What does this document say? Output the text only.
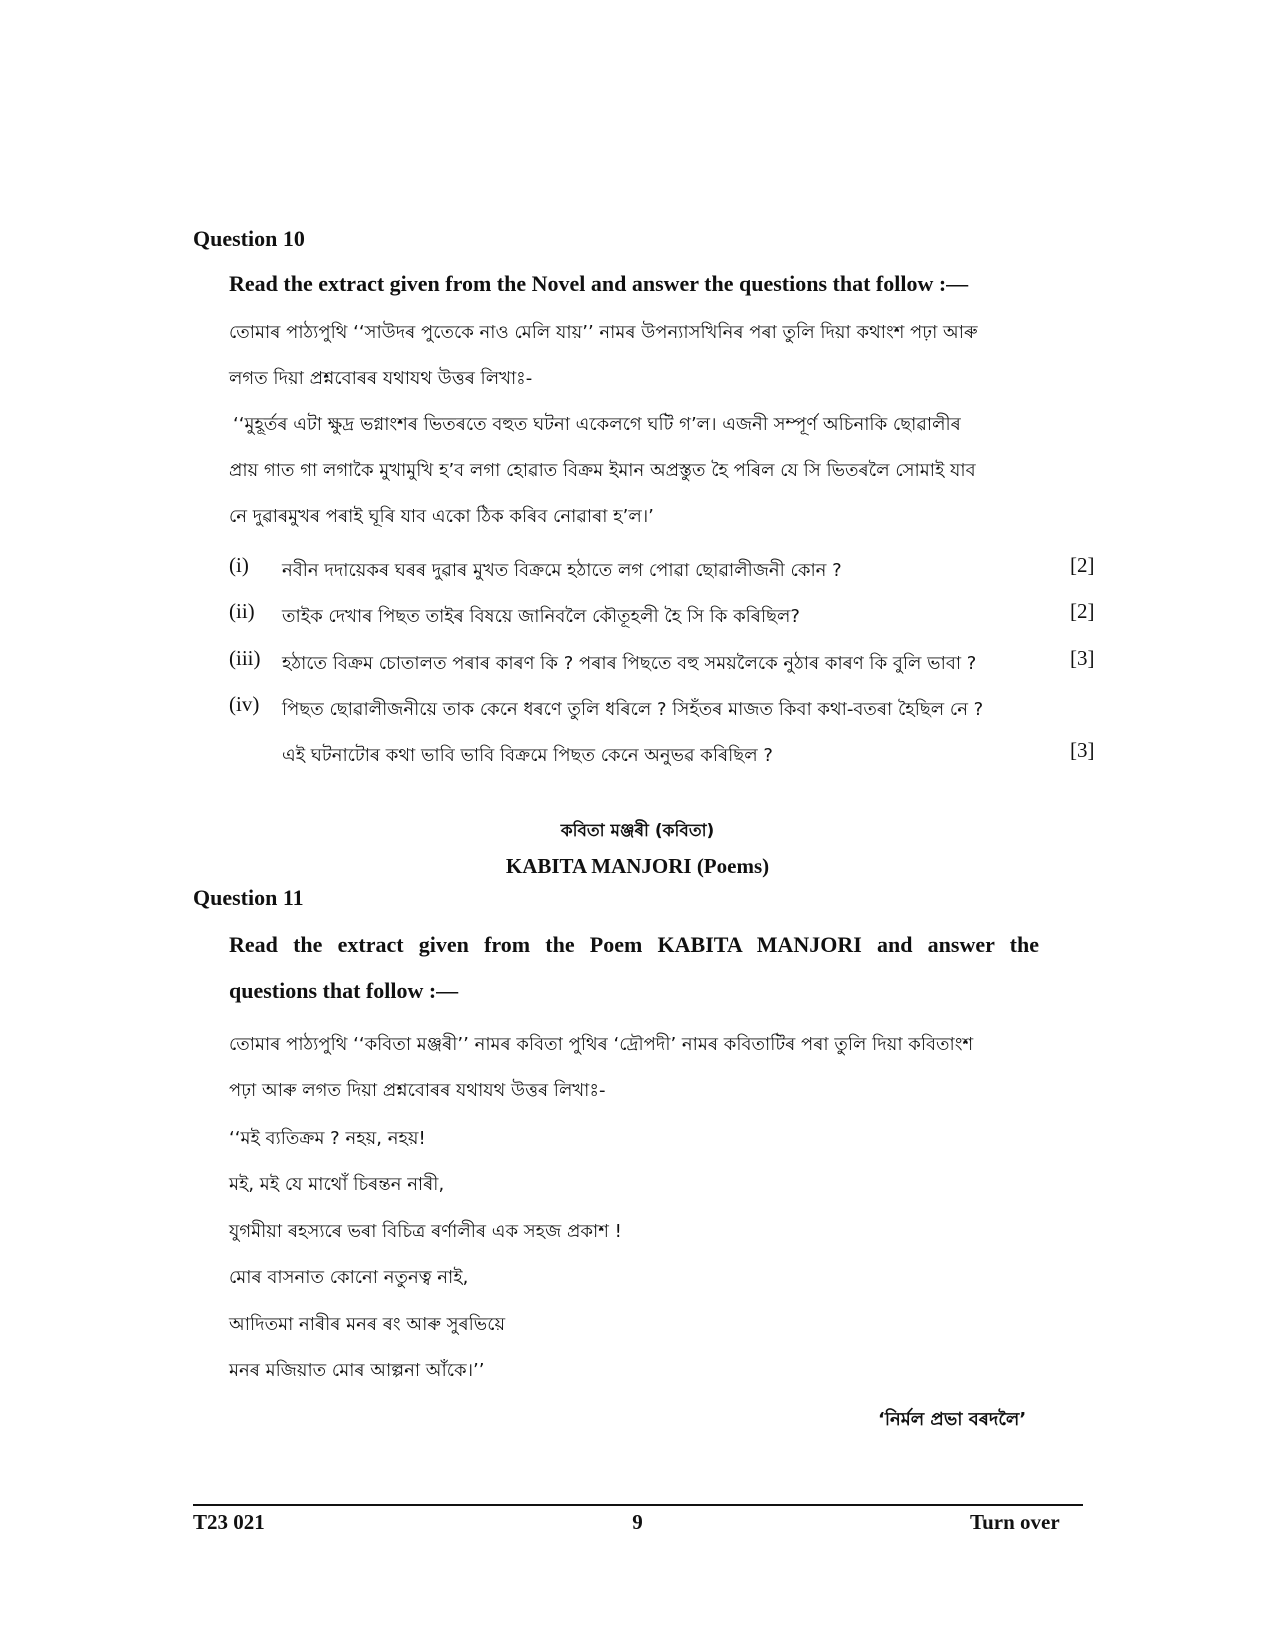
Question 10
Read the extract given from the Novel and answer the questions that follow :—
তোমাৰ পাঠ্যপুথি ‘‘সাউদৰ পুতেকে নাও মেলি যায়’’ নামৰ উপন্যাসখিনিৰ পৰা তুলি দিয়া কথাংশ পঢ়া আৰু
লগত দিয়া প্ৰশ্নবোৰৰ যথাযথ উত্তৰ লিখাঃ-
‘‘মুহূৰ্তৰ এটা ক্ষুদ্ৰ ভগ্নাংশৰ ভিতৰতে বহুত ঘটনা একেলগে ঘটি গ’ল। এজনী সম্পূৰ্ণ অচিনাকি ছোৱালীৰ
প্ৰায় গাত গা লগাকৈ মুখামুখি হ’ব লগা হোৱাত বিক্ৰম ইমান অপ্ৰস্তুত হৈ পৰিল যে সি ভিতৰলৈ সোমাই যাব
নে দুৱাৰমুখৰ পৰাই ঘূৰি যাব একো ঠিক কৰিব নোৱাৰা হ’ল।’
(i) নবীন দদায়েকৰ ঘৰৰ দুৱাৰ মুখত বিক্ৰমে হঠাতে লগ পোৱা ছোৱালীজনী কোন ?	[2]
(ii) তাইক দেখাৰ পিছত তাইৰ বিষয়ে জানিবলৈ কৌতূহলী হৈ সি কি কৰিছিল?	[2]
(iii) হঠাতে বিক্ৰম চোতালত পৰাৰ কাৰণ কি ? পৰাৰ পিছতে বহু সময়লৈকে নুঠাৰ কাৰণ কি বুলি ভাবা ?	[3]
(iv) পিছত ছোৱালীজনীয়ে তাক কেনে ধৰণে তুলি ধৰিলে ? সিহঁতৰ মাজত কিবা কথা-বতৰা হৈছিল নে ?
এই ঘটনাটোৰ কথা ভাবি ভাবি বিক্ৰমে পিছত কেনে অনুভৱ কৰিছিল ?	[3]
কবিতা মঞ্জৰী (কবিতা)
KABITA MANJORI (Poems)
Question 11
Read the extract given from the Poem KABITA MANJORI and answer the
questions that follow :—
তোমাৰ পাঠ্যপুথি ‘‘কবিতা মঞ্জৰী’’ নামৰ কবিতা পুথিৰ ‘দ্ৰৌপদী’ নামৰ কবিতাটিৰ পৰা তুলি দিয়া কবিতাংশ
পঢ়া আৰু লগত দিয়া প্ৰশ্নবোৰৰ যথাযথ উত্তৰ লিখাঃ-
‘‘মই ব্যতিক্ৰম ? নহয়, নহয়!
মই, মই যে মাথোঁ চিৰন্তন নাৰী,
যুগমীয়া ৰহস্যৰে ভৰা বিচিত্ৰ ৰৰ্ণালীৰ এক সহজ প্ৰকাশ !
মোৰ বাসনাত কোনো নতুনত্ব নাই,
আদিতমা নাৰীৰ মনৰ ৰং আৰু সুৰভিয়ে
মনৰ মজিয়াত মোৰ আল্পনা আঁকে।’’
‘নিৰ্মল প্ৰভা বৰদলৈ’
T23 021	9	Turn over
